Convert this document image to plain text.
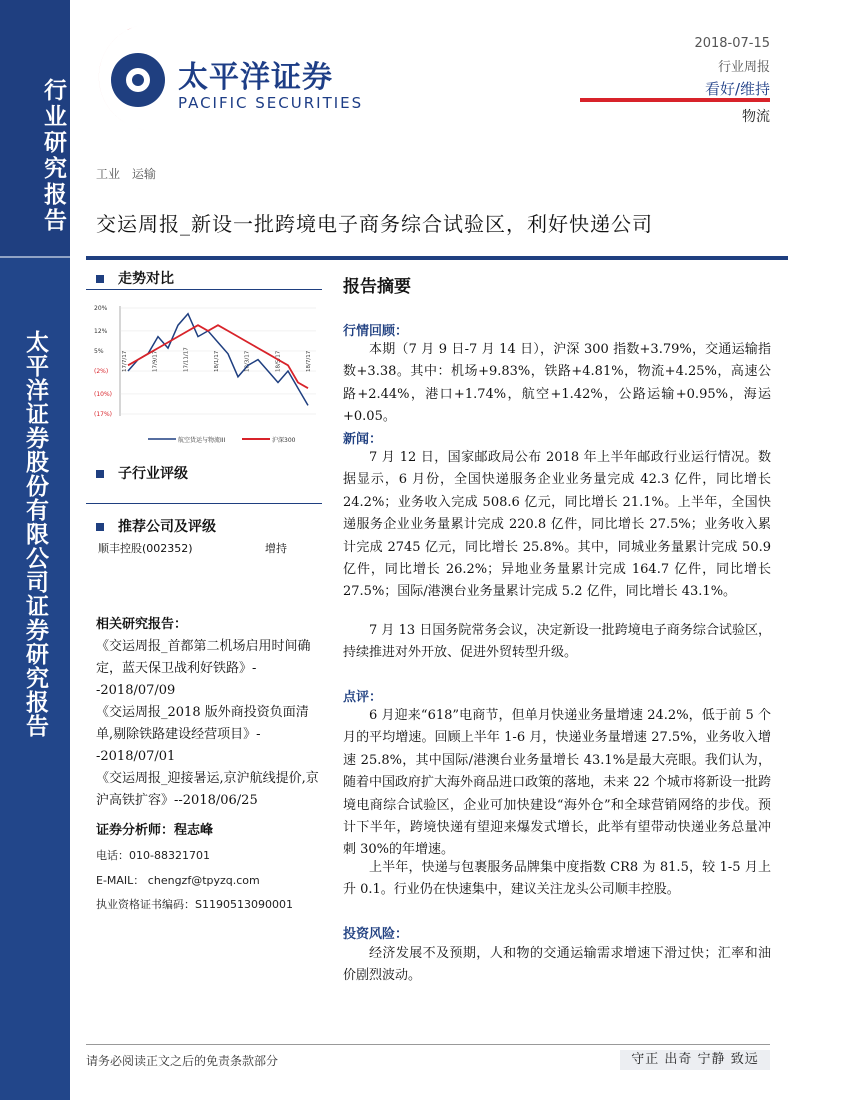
行业研究报告
太平洋证券股份有限公司证券研究报告
太平洋证券
PACIFIC SECURITIES
2018-07-15
行业周报
看好/维持
物流
工业 运输
交运周报_新设一批跨境电子商务综合试验区，利好快递公司
走势对比
20%
12%
5%
(2%)
(10%)
(17%)
17/7/17	17/9/17	17/11/17	18/1/17	18/3/17	18/5/17	18/7/17
航空货运与物流III	沪深300
子行业评级
推荐公司及评级
顺丰控股(002352)	增持
相关研究报告：
《交运周报_首都第二机场启用时间确定，蓝天保卫战利好铁路》--2018/07/09
《交运周报_2018 版外商投资负面清单,剔除铁路建设经营项目》--2018/07/01
《交运周报_迎接暑运,京沪航线提价,京沪高铁扩容》--2018/06/25
证券分析师：程志峰
电话：010-88321701
E-MAIL： chengzf@tpyzq.com
执业资格证书编码：S1190513090001
报告摘要
行情回顾：

本期（7 月 9 日-7 月 14 日），沪深 300 指数+3.79%，交通运输指数+3.38。其中：机场+9.83%，铁路+4.81%，物流+4.25%，高速公路+2.44%，港口+1.74%，航空+1.42%，公路运输+0.95%，海运+0.05。

新闻：

7 月 12 日，国家邮政局公布 2018 年上半年邮政行业运行情况。数据显示，6 月份，全国快递服务企业业务量完成 42.3 亿件，同比增长 24.2%；业务收入完成 508.6 亿元，同比增长 21.1%。上半年，全国快递服务企业业务量累计完成 220.8 亿件，同比增长 27.5%；业务收入累计完成 2745 亿元，同比增长 25.8%。其中，同城业务量累计完成 50.9 亿件，同比增长 26.2%；异地业务量累计完成 164.7 亿件，同比增长 27.5%；国际/港澳台业务量累计完成 5.2 亿件，同比增长 43.1%。

7 月 13 日国务院常务会议，决定新设一批跨境电子商务综合试验区，持续推进对外开放、促进外贸转型升级。

点评：

6 月迎来“618”电商节，但单月快递业务量增速 24.2%，低于前 5 个月的平均增速。回顾上半年 1-6 月，快递业务量增速 27.5%，业务收入增速 25.8%，其中国际/港澳台业务量增长 43.1%是最大亮眼。我们认为，随着中国政府扩大海外商品进口政策的落地，未来 22 个城市将新设一批跨境电商综合试验区，企业可加快建设“海外仓”和全球营销网络的步伐。预计下半年，跨境快递有望迎来爆发式增长，此举有望带动快递业务总量冲刺 30%的年增速。

上半年，快递与包裹服务品牌集中度指数 CR8 为 81.5，较 1-5 月上升 0.1。行业仍在快速集中，建议关注龙头公司顺丰控股。

投资风险：

经济发展不及预期，人和物的交通运输需求增速下滑过快；汇率和油价剧烈波动。

请务必阅读正文之后的免责条款部分	守正 出奇 宁静 致远
